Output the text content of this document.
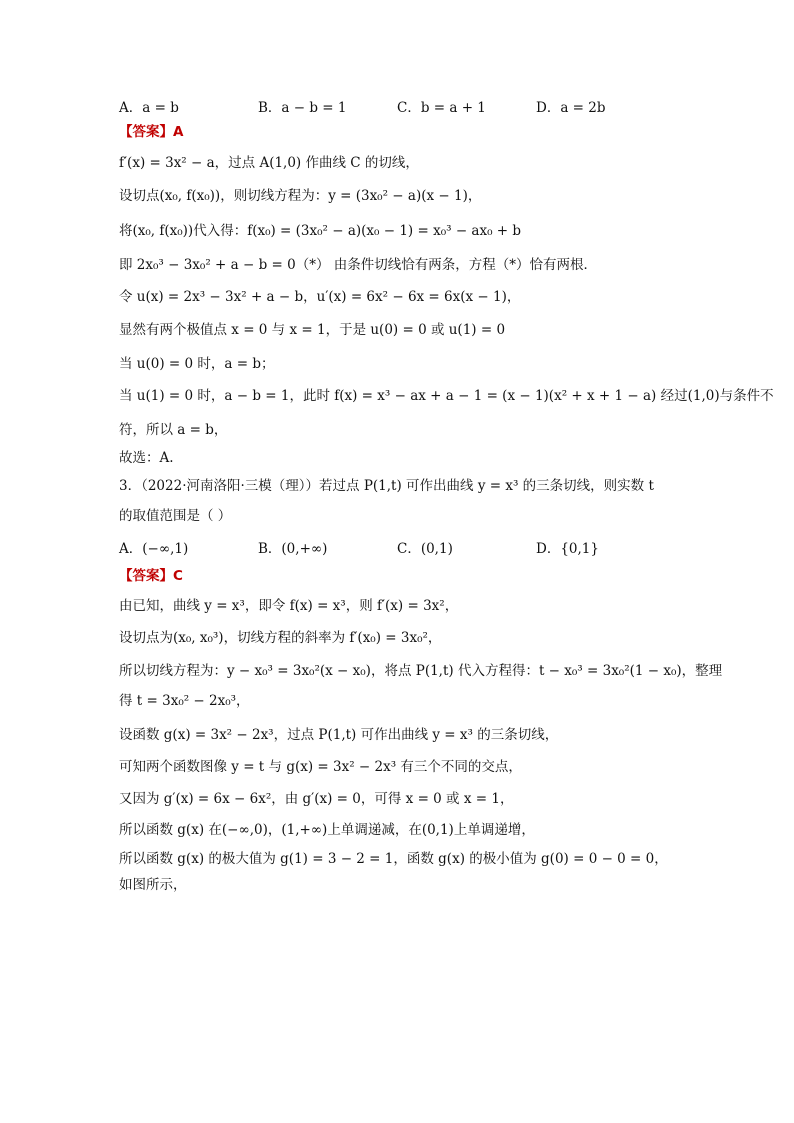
A．a = b	B．a − b = 1	C．b = a + 1	D．a = 2b
【答案】A
f′(x) = 3x² − a，过点 A(1,0) 作曲线 C 的切线，
设切点(x₀, f(x₀))，则切线方程为：y = (3x₀² − a)(x − 1)，
将(x₀, f(x₀))代入得：f(x₀) = (3x₀² − a)(x₀ − 1) = x₀³ − ax₀ + b
即 2x₀³ − 3x₀² + a − b = 0（*） 由条件切线恰有两条，方程（*）恰有两根．
令 u(x) = 2x³ − 3x² + a − b，u′(x) = 6x² − 6x = 6x(x − 1)，
显然有两个极值点 x = 0 与 x = 1，于是 u(0) = 0 或 u(1) = 0
当 u(0) = 0 时，a = b；
当 u(1) = 0 时，a − b = 1，此时 f(x) = x³ − ax + a − 1 = (x − 1)(x² + x + 1 − a) 经过(1,0)与条件不
符，所以 a = b，
故选：A.
3．（2022·河南洛阳·三模（理））若过点 P(1,t) 可作出曲线 y = x³ 的三条切线，则实数 t
的取值范围是（ ）
A．(−∞,1)	B．(0,+∞)	C．(0,1)	D．{0,1}
【答案】C
由已知，曲线 y = x³，即令 f(x) = x³，则 f′(x) = 3x²，
设切点为(x₀, x₀³)，切线方程的斜率为 f′(x₀) = 3x₀²，
所以切线方程为：y − x₀³ = 3x₀²(x − x₀)，将点 P(1,t) 代入方程得：t − x₀³ = 3x₀²(1 − x₀)，整理
得 t = 3x₀² − 2x₀³，
设函数 g(x) = 3x² − 2x³，过点 P(1,t) 可作出曲线 y = x³ 的三条切线，
可知两个函数图像 y = t 与 g(x) = 3x² − 2x³ 有三个不同的交点，
又因为 g′(x) = 6x − 6x²，由 g′(x) = 0，可得 x = 0 或 x = 1，
所以函数 g(x) 在(−∞,0)，(1,+∞)上单调递减，在(0,1)上单调递增，
所以函数 g(x) 的极大值为 g(1) = 3 − 2 = 1，函数 g(x) 的极小值为 g(0) = 0 − 0 = 0，
如图所示，
